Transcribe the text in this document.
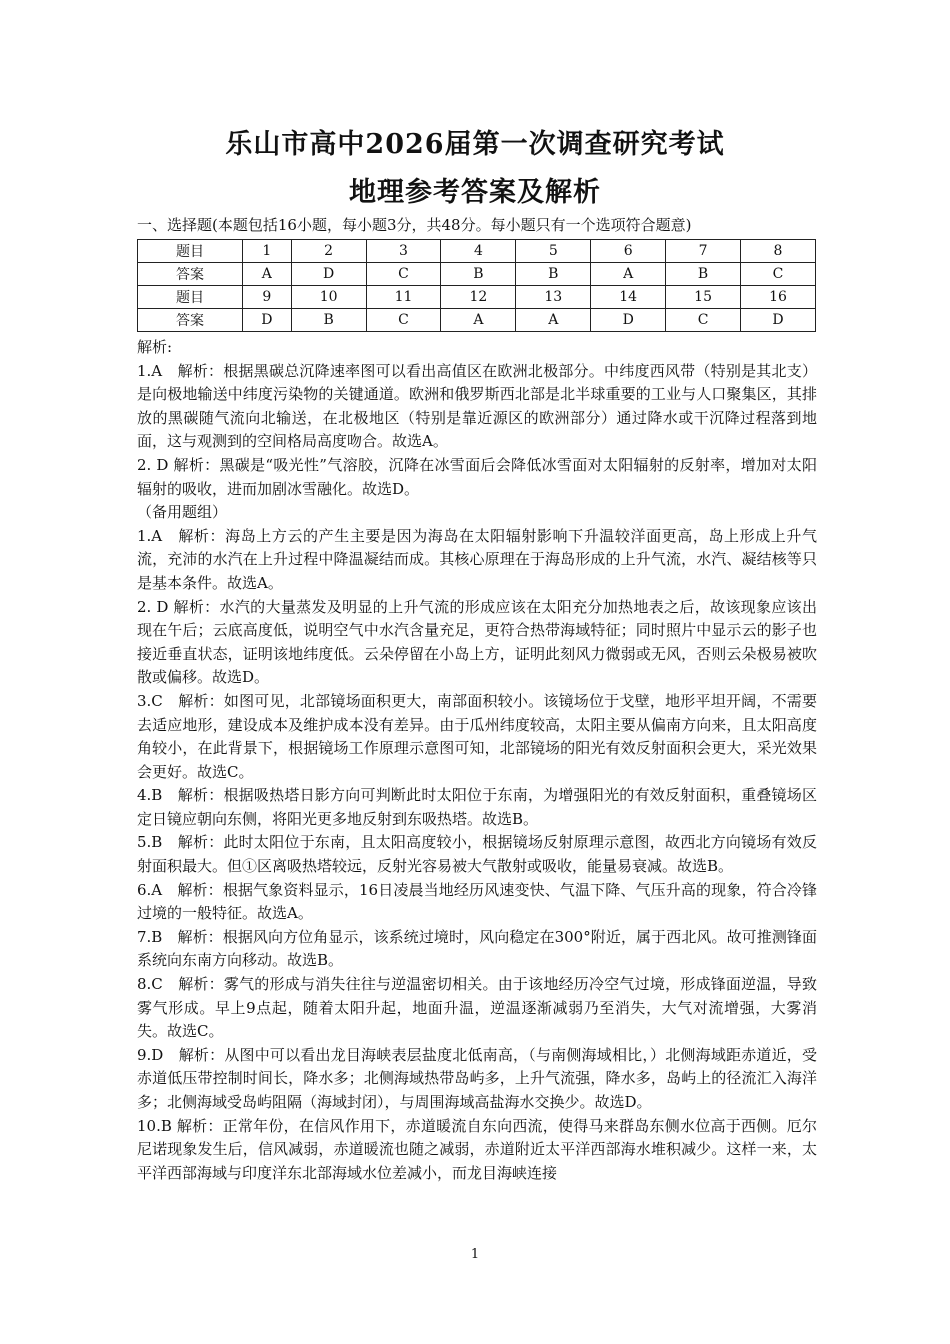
乐山市高中2026届第一次调查研究考试
地理参考答案及解析
一、选择题(本题包括16小题，每小题3分，共48分。每小题只有一个选项符合题意)
题目	1	2	3	4	5	6	7	8
答案	A	D	C	B	B	A	B	C
题目	9	10	11	12	13	14	15	16
答案	D	B	C	A	A	D	C	D

解析:

1.A　解析：根据黑碳总沉降速率图可以看出高值区在欧洲北极部分。中纬度西风带（特别是其北支）是向极地输送中纬度污染物的关键通道。欧洲和俄罗斯西北部是北半球重要的工业与人口聚集区，其排放的黑碳随气流向北输送，在北极地区（特别是靠近源区的欧洲部分）通过降水或干沉降过程落到地面，这与观测到的空间格局高度吻合。故选A。

2. D 解析：黑碳是“吸光性”气溶胶，沉降在冰雪面后会降低冰雪面对太阳辐射的反射率，增加对太阳辐射的吸收，进而加剧冰雪融化。故选D。

（备用题组）

1.A　解析：海岛上方云的产生主要是因为海岛在太阳辐射影响下升温较洋面更高，岛上形成上升气流，充沛的水汽在上升过程中降温凝结而成。其核心原理在于海岛形成的上升气流，水汽、凝结核等只是基本条件。故选A。

2. D 解析：水汽的大量蒸发及明显的上升气流的形成应该在太阳充分加热地表之后，故该现象应该出现在午后；云底高度低，说明空气中水汽含量充足，更符合热带海域特征；同时照片中显示云的影子也接近垂直状态，证明该地纬度低。云朵停留在小岛上方，证明此刻风力微弱或无风，否则云朵极易被吹散或偏移。故选D。

3.C　解析：如图可见，北部镜场面积更大，南部面积较小。该镜场位于戈壁，地形平坦开阔，不需要去适应地形，建设成本及维护成本没有差异。由于瓜州纬度较高，太阳主要从偏南方向来，且太阳高度角较小，在此背景下，根据镜场工作原理示意图可知，北部镜场的阳光有效反射面积会更大，采光效果会更好。故选C。

4.B　解析：根据吸热塔日影方向可判断此时太阳位于东南，为增强阳光的有效反射面积，重叠镜场区定日镜应朝向东侧，将阳光更多地反射到东吸热塔。故选B。

5.B　解析：此时太阳位于东南，且太阳高度较小，根据镜场反射原理示意图，故西北方向镜场有效反射面积最大。但①区离吸热塔较远，反射光容易被大气散射或吸收，能量易衰减。故选B。

6.A　解析：根据气象资料显示，16日凌晨当地经历风速变快、气温下降、气压升高的现象，符合冷锋过境的一般特征。故选A。

7.B　解析：根据风向方位角显示，该系统过境时，风向稳定在300°附近，属于西北风。故可推测锋面系统向东南方向移动。故选B。

8.C　解析：雾气的形成与消失往往与逆温密切相关。由于该地经历冷空气过境，形成锋面逆温，导致雾气形成。早上9点起，随着太阳升起，地面升温，逆温逐渐减弱乃至消失，大气对流增强，大雾消失。故选C。

9.D　解析：从图中可以看出龙目海峡表层盐度北低南高，（与南侧海域相比，）北侧海域距赤道近，受赤道低压带控制时间长，降水多；北侧海域热带岛屿多，上升气流强，降水多，岛屿上的径流汇入海洋多；北侧海域受岛屿阻隔（海域封闭），与周围海域高盐海水交换少。故选D。

10.B 解析：正常年份，在信风作用下，赤道暖流自东向西流，使得马来群岛东侧水位高于西侧。厄尔尼诺现象发生后，信风减弱，赤道暖流也随之减弱，赤道附近太平洋西部海水堆积减少。这样一来，太平洋西部海域与印度洋东北部海域水位差减小，而龙目海峡连接

1
